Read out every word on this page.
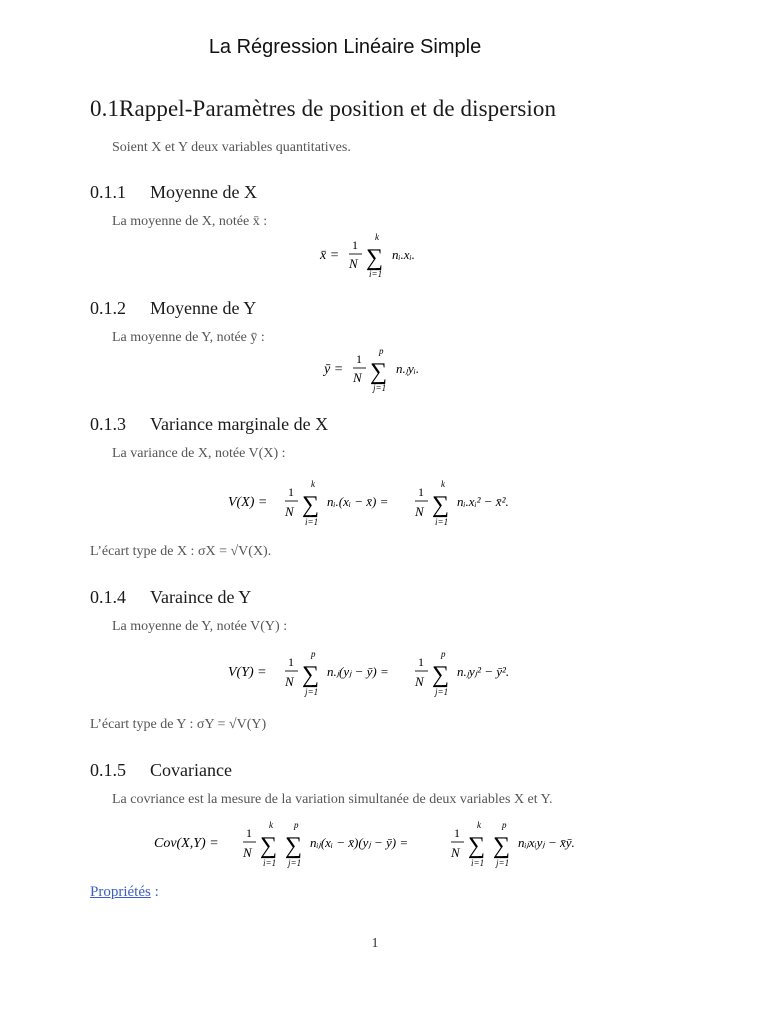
La Régression Linéaire Simple
0.1Rappel-Paramètres de position et de dispersion
Soient X et Y deux variables quantitatives.
0.1.1 Moyenne de X
La moyenne de X, notée x̄ :
x̄ =
1
N ∑
k
i=1
nᵢ.xᵢ.
0.1.2 Moyenne de Y
La moyenne de Y, notée ȳ :
ȳ =
1
N ∑
p
j=1
n.ⱼyᵢ.
0.1.3 Variance marginale de X
La variance de X, notée V(X) :
V(X) =
1
N ∑
k
i=1
nᵢ.(xᵢ − x̄) =
1
N ∑
k
i=1
nᵢ.xᵢ² − x̄².
L’écart type de X : σX = √V(X).
0.1.4 Varaince de Y
La moyenne de Y, notée V(Y) :
V(Y) =
1
N ∑
p
j=1
n.ⱼ(yⱼ − ȳ) =
1
N ∑
p
j=1
n.ⱼyⱼ² − ȳ².
L’écart type de Y : σY = √V(Y)
0.1.5 Covariance
La covriance est la mesure de la variation simultanée de deux variables X et Y.
Cov(X,Y) =
1
N ∑
k
i=1
∑
p
j=1
nᵢⱼ(xᵢ − x̄)(yⱼ − ȳ) =
1
N ∑
k
i=1
∑
p
j=1
nᵢⱼxᵢyⱼ − x̄ȳ.
Propriétés :
1
